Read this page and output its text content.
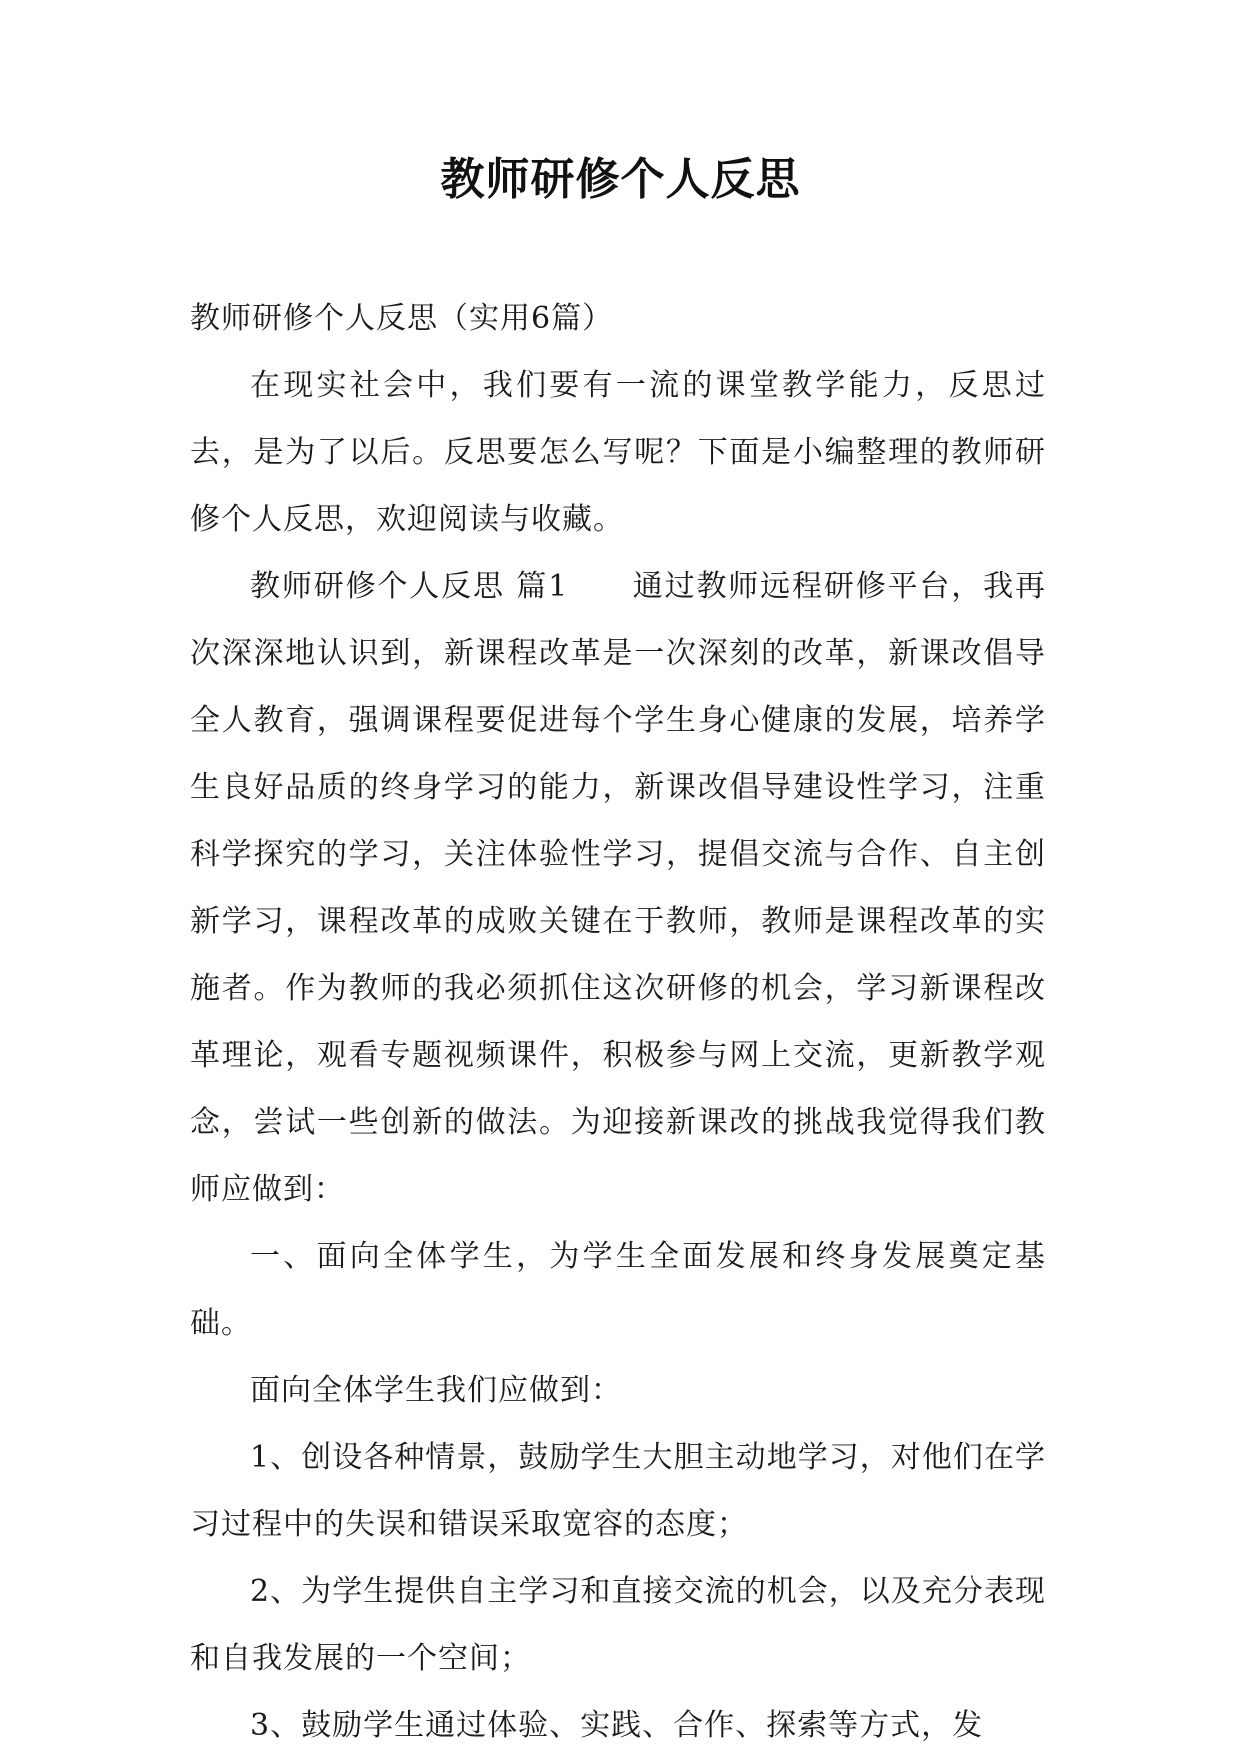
教师研修个人反思

教师研修个人反思（实用6篇）

在现实社会中，我们要有一流的课堂教学能力，反思过去，是为了以后。反思要怎么写呢？下面是小编整理的教师研修个人反思，欢迎阅读与收藏。

教师研修个人反思 篇1　　通过教师远程研修平台，我再次深深地认识到，新课程改革是一次深刻的改革，新课改倡导全人教育，强调课程要促进每个学生身心健康的发展，培养学生良好品质的终身学习的能力，新课改倡导建设性学习，注重科学探究的学习，关注体验性学习，提倡交流与合作、自主创新学习，课程改革的成败关键在于教师，教师是课程改革的实施者。作为教师的我必须抓住这次研修的机会，学习新课程改革理论，观看专题视频课件，积极参与网上交流，更新教学观念，尝试一些创新的做法。为迎接新课改的挑战我觉得我们教师应做到：

一、面向全体学生，为学生全面发展和终身发展奠定基础。

面向全体学生我们应做到：

1、创设各种情景，鼓励学生大胆主动地学习，对他们在学习过程中的失误和错误采取宽容的态度；

2、为学生提供自主学习和直接交流的机会，以及充分表现和自我发展的一个空间；

3、鼓励学生通过体验、实践、合作、探索等方式，发
